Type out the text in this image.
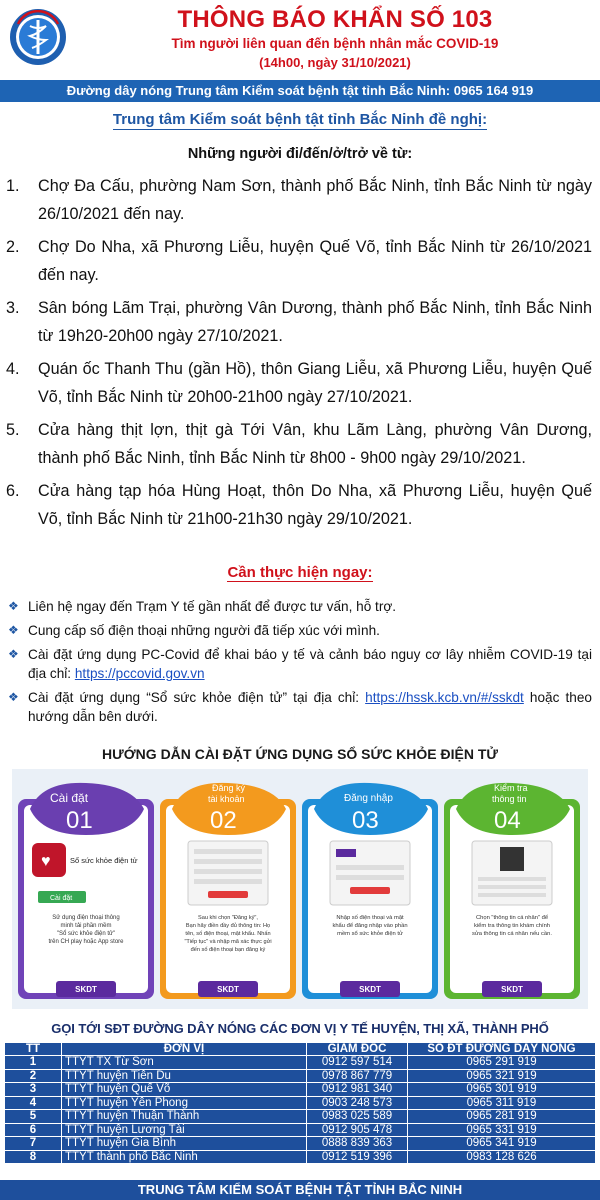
THÔNG BÁO KHẨN SỐ 103
Tìm người liên quan đến bệnh nhân mắc COVID-19
(14h00, ngày 31/10/2021)
Đường dây nóng Trung tâm Kiểm soát bệnh tật tỉnh Bắc Ninh: 0965 164 919
Trung tâm Kiểm soát bệnh tật tỉnh Bắc Ninh đề nghị:
Những người đi/đến/ở/trở về từ:
1. Chợ Đa Cấu, phường Nam Sơn, thành phố Bắc Ninh, tỉnh Bắc Ninh từ ngày 26/10/2021 đến nay.
2. Chợ Do Nha, xã Phương Liễu, huyện Quế Võ, tỉnh Bắc Ninh từ 26/10/2021 đến nay.
3. Sân bóng Lãm Trại, phường Vân Dương, thành phố Bắc Ninh, tỉnh Bắc Ninh từ 19h20-20h00 ngày 27/10/2021.
4. Quán ốc Thanh Thu (gần Hồ), thôn Giang Liễu, xã Phương Liễu, huyện Quế Võ, tỉnh Bắc Ninh từ 20h00-21h00 ngày 27/10/2021.
5. Cửa hàng thịt lợn, thịt gà Tới Vân, khu Lãm Làng, phường Vân Dương, thành phố Bắc Ninh, tỉnh Bắc Ninh từ 8h00 - 9h00 ngày 29/10/2021.
6. Cửa hàng tạp hóa Hùng Hoạt, thôn Do Nha, xã Phương Liễu, huyện Quế Võ, tỉnh Bắc Ninh từ 21h00-21h30 ngày 29/10/2021.
Cần thực hiện ngay:
❖ Liên hệ ngay đến Trạm Y tế gần nhất để được tư vấn, hỗ trợ.
❖ Cung cấp số điện thoại những người đã tiếp xúc với mình.
❖ Cài đặt ứng dụng PC-Covid để khai báo y tế và cảnh báo nguy cơ lây nhiễm COVID-19 tại địa chỉ: https://pccovid.gov.vn
❖ Cài đặt ứng dụng “Sổ sức khỏe điện tử” tại địa chỉ: https://hssk.kcb.vn/#/sskdt hoặc theo hướng dẫn bên dưới.
HƯỚNG DẪN CÀI ĐẶT ỨNG DỤNG SỔ SỨC KHỎE ĐIỆN TỬ
Cài đặt
01
♥	Sổ sức khỏe điện tử
Cài đặt
Sử dụng điện thoại thông
minh tải phần mềm
"Sổ sức khỏe điện tử"
trên CH play hoặc App store
SKDT
Đăng ký
tài khoản
02
Sau khi chọn "Đăng ký",
Bạn hãy điền đầy đủ thông tin: Họ
tên, số điện thoại, mật khẩu. Nhấn
"Tiếp tục" và nhập mã xác thực gửi
đến số điện thoại bạn đăng ký
SKDT
Đăng nhập
03
Nhập số điện thoại và mật
khẩu để đăng nhập vào phần
mềm sổ sức khỏe điện tử
SKDT
Kiểm tra
thông tin
04
Chọn "thông tin cá nhân" để
kiểm tra thông tin khám chính
sửa thông tin cá nhân nếu cần.
SKDT
GỌI TỚI SĐT ĐƯỜNG DÂY NÓNG CÁC ĐƠN VỊ Y TẾ HUYỆN, THỊ XÃ, THÀNH PHỐ
TT	ĐƠN VỊ	GIÁM ĐỐC	SỐ ĐT ĐƯỜNG DÂY NÓNG
1	TTYT TX Từ Sơn	0912 597 514	0965 291 919
2	TTYT huyện Tiên Du	0978 867 779	0965 321 919
3	TTYT huyện Quế Võ	0912 981 340	0965 301 919
4	TTYT huyện Yên Phong	0903 248 573	0965 311 919
5	TTYT huyện Thuận Thành	0983 025 589	0965 281 919
6	TTYT huyện Lương Tài	0912 905 478	0965 331 919
7	TTYT huyện Gia Bình	0888 839 363	0965 341 919
8	TTYT thành phố Bắc Ninh	0912 519 396	0983 128 626
TRUNG TÂM KIỂM SOÁT BỆNH TẬT TỈNH BẮC NINH
